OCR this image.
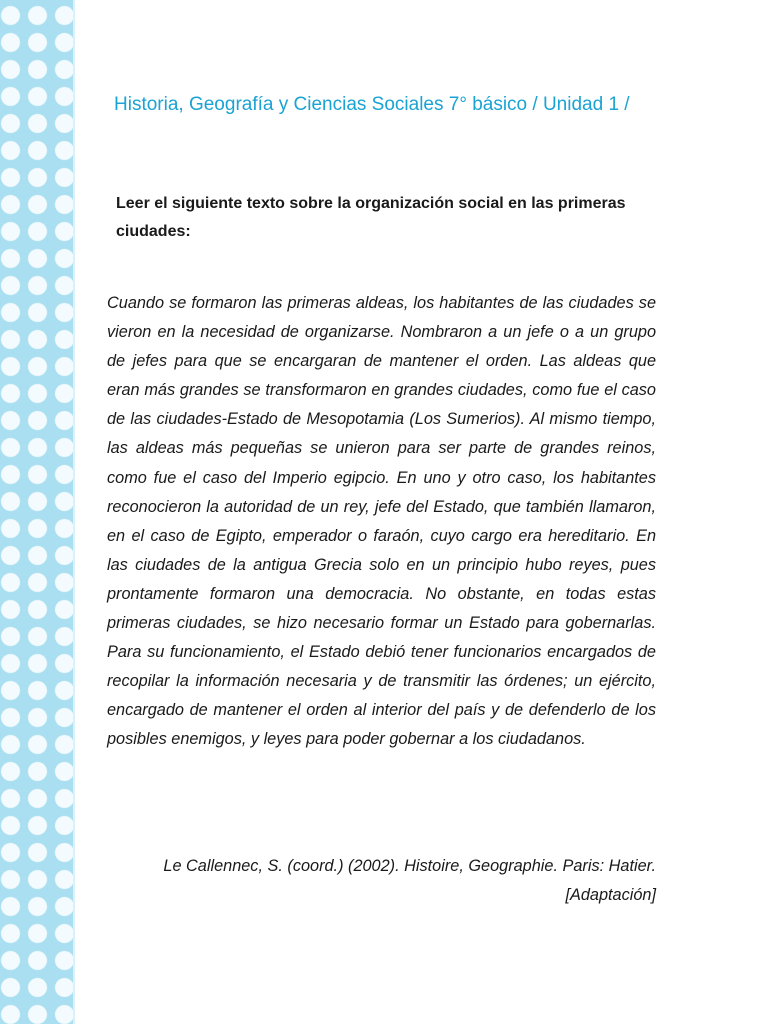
Historia, Geografía y Ciencias Sociales 7° básico / Unidad 1 /

Leer el siguiente texto sobre la organización social en las primeras ciudades:

Cuando se formaron las primeras aldeas, los habitantes de las ciudades se vieron en la necesidad de organizarse. Nombraron a un jefe o a un grupo de jefes para que se encargaran de mantener el orden. Las aldeas que eran más grandes se transformaron en grandes ciudades, como fue el caso de las ciudades-Estado de Mesopotamia (Los Sumerios). Al mismo tiempo, las aldeas más pequeñas se unieron para ser parte de grandes reinos, como fue el caso del Imperio egipcio. En uno y otro caso, los habitantes reconocieron la autoridad de un rey, jefe del Estado, que también llamaron, en el caso de Egipto, emperador o faraón, cuyo cargo era hereditario. En las ciudades de la antigua Grecia solo en un principio hubo reyes, pues prontamente formaron una democracia. No obstante, en todas estas primeras ciudades, se hizo necesario formar un Estado para gobernarlas. Para su funcionamiento, el Estado debió tener funcionarios encargados de recopilar la información necesaria y de transmitir las órdenes; un ejército, encargado de mantener el orden al interior del país y de defenderlo de los posibles enemigos, y leyes para poder gobernar a los ciudadanos.

Le Callennec, S. (coord.) (2002). Histoire, Geographie. Paris: Hatier. [Adaptación]
